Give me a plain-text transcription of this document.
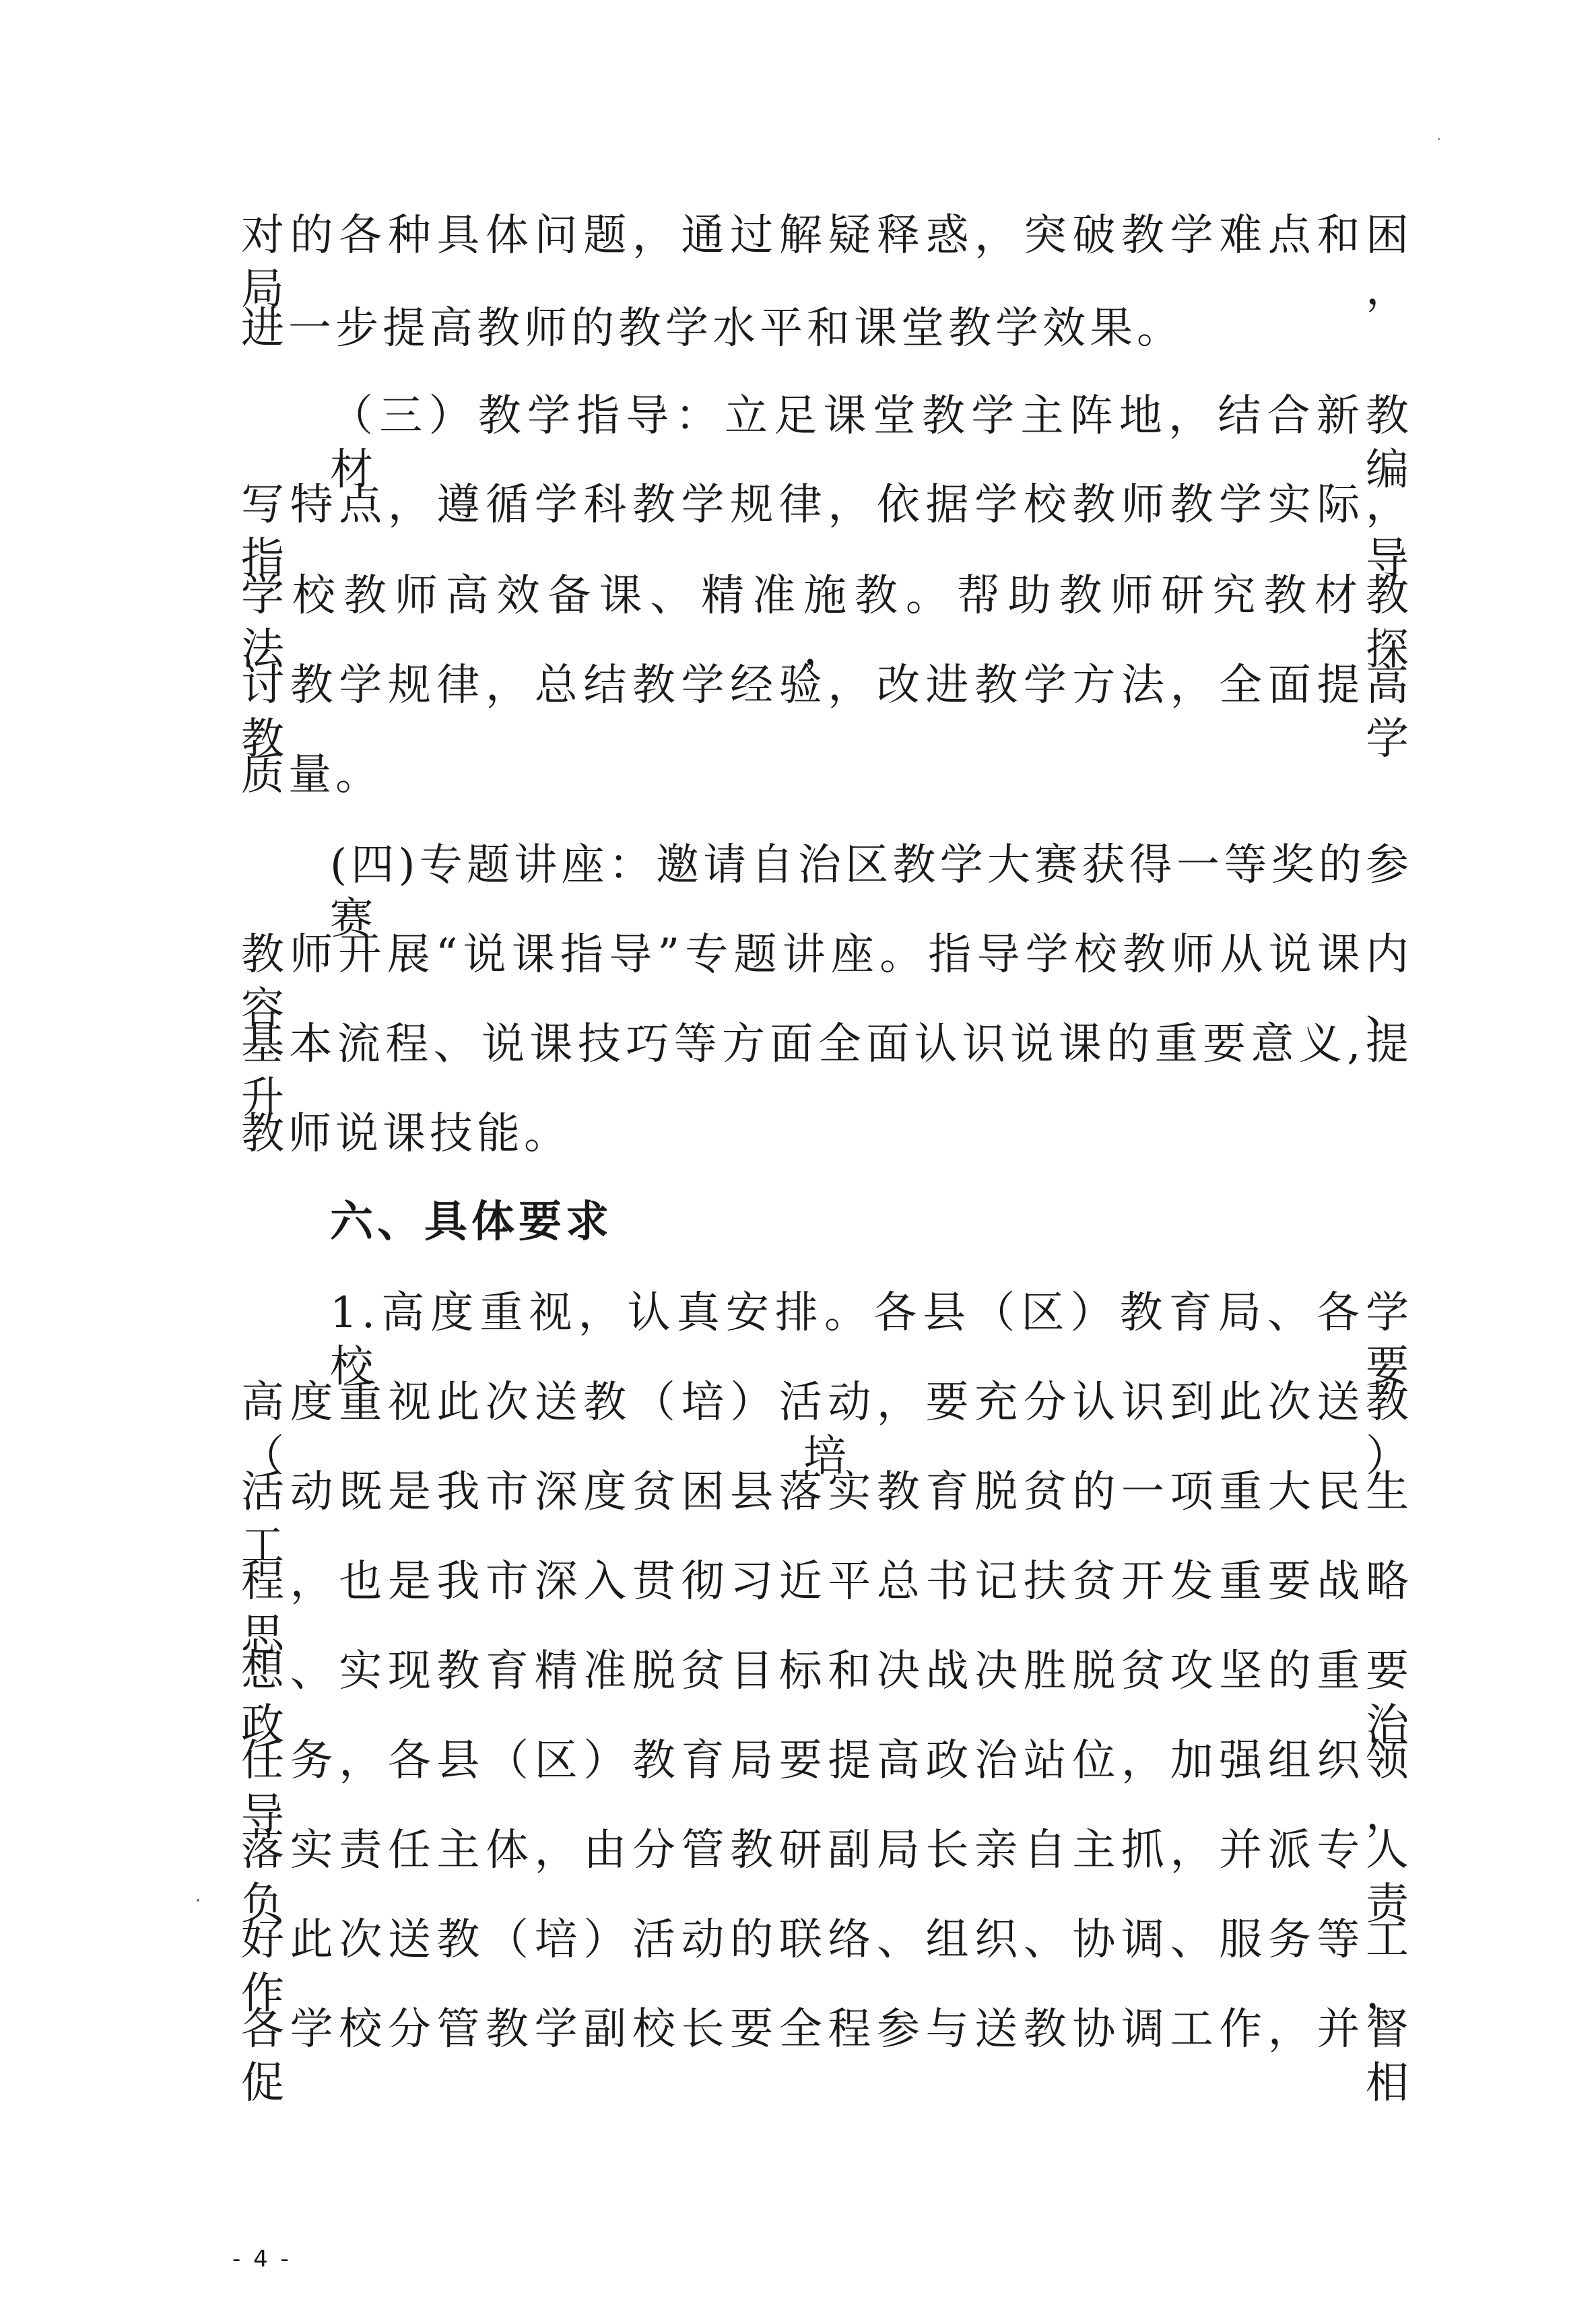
对的各种具体问题，通过解疑释惑，突破教学难点和困局，
进一步提高教师的教学水平和课堂教学效果。
（三）教学指导：立足课堂教学主阵地，结合新教材编
写特点，遵循学科教学规律，依据学校教师教学实际，指导
学校教师高效备课、精准施教。帮助教师研究教材教法，探
讨教学规律，总结教学经验，改进教学方法，全面提高教学
质量。
(四)专题讲座：邀请自治区教学大赛获得一等奖的参赛
教师开展“说课指导”专题讲座。指导学校教师从说课内容、
基本流程、说课技巧等方面全面认识说课的重要意义,提升
教师说课技能。
六、具体要求
1.高度重视，认真安排。各县（区）教育局、各学校要
高度重视此次送教（培）活动，要充分认识到此次送教（培）
活动既是我市深度贫困县落实教育脱贫的一项重大民生工
程，也是我市深入贯彻习近平总书记扶贫开发重要战略思
想、实现教育精准脱贫目标和决战决胜脱贫攻坚的重要政治
任务，各县（区）教育局要提高政治站位，加强组织领导，
落实责任主体，由分管教研副局长亲自主抓，并派专人负责
好此次送教（培）活动的联络、组织、协调、服务等工作，
各学校分管教学副校长要全程参与送教协调工作，并督促相
- 4 -
